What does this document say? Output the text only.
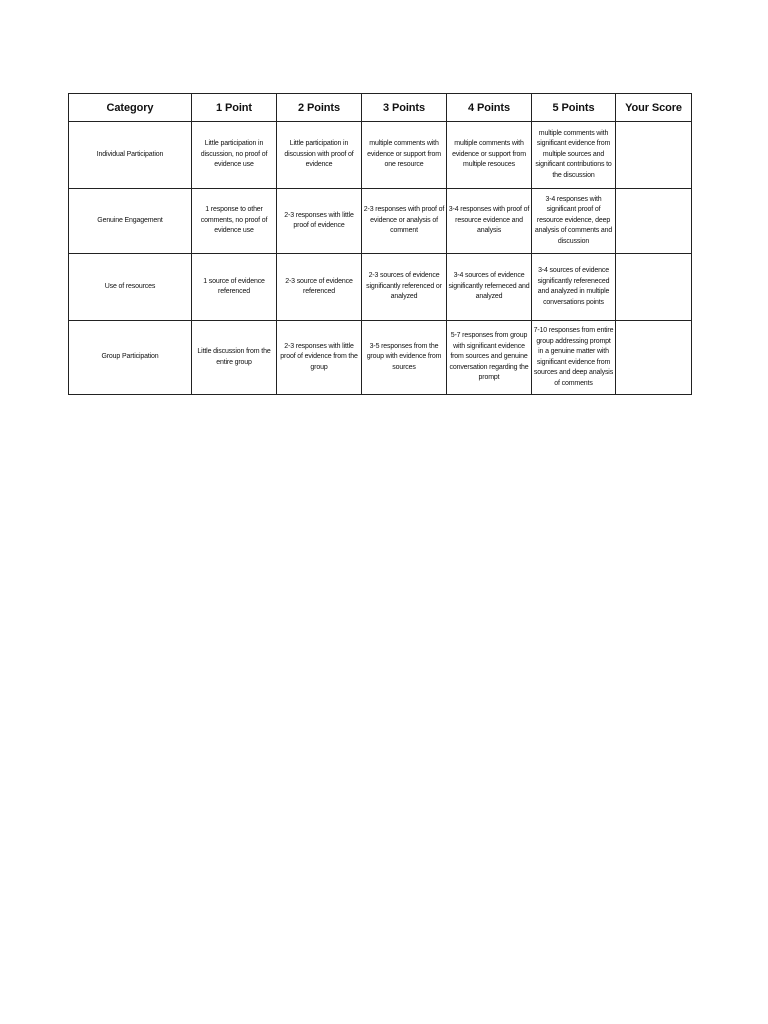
Category	1 Point	2 Points	3 Points	4 Points	5 Points	Your Score
Individual Participation	Little participation in discussion, no proof of evidence use	Little participation in discussion with proof of evidence	multiple comments with evidence or support from one resource	multiple comments with evidence or support from multiple resouces	multiple comments with significant evidence from multiple sources and significant contributions to the discussion	
Genuine Engagement	1 response to other comments, no proof of evidence use	2-3 responses with little proof of evidence	2-3 responses with proof of evidence or analysis of comment	3-4 responses with proof of resource evidence and analysis	3-4 responses with significant proof of resource evidence, deep analysis of comments and discussion	
Use of resources	1 source of evidence referenced	2-3 source of evidence referenced	2-3 sources of evidence significantly referenced or analyzed	3-4 sources of evidence significantly referneced and analyzed	3-4 sources of evidence significantly refereneced and analyzed in multiple conversations points	
Group Participation	Little discussion from the entire group	2-3 responses with little proof of evidence from the group	3-5 responses from the group with evidence from sources	5-7 responses from group with significant evidence from sources and genuine conversation regarding the prompt	7-10 responses from entire group addressing prompt in a genuine matter with significant evidence from sources and deep analysis of comments	
